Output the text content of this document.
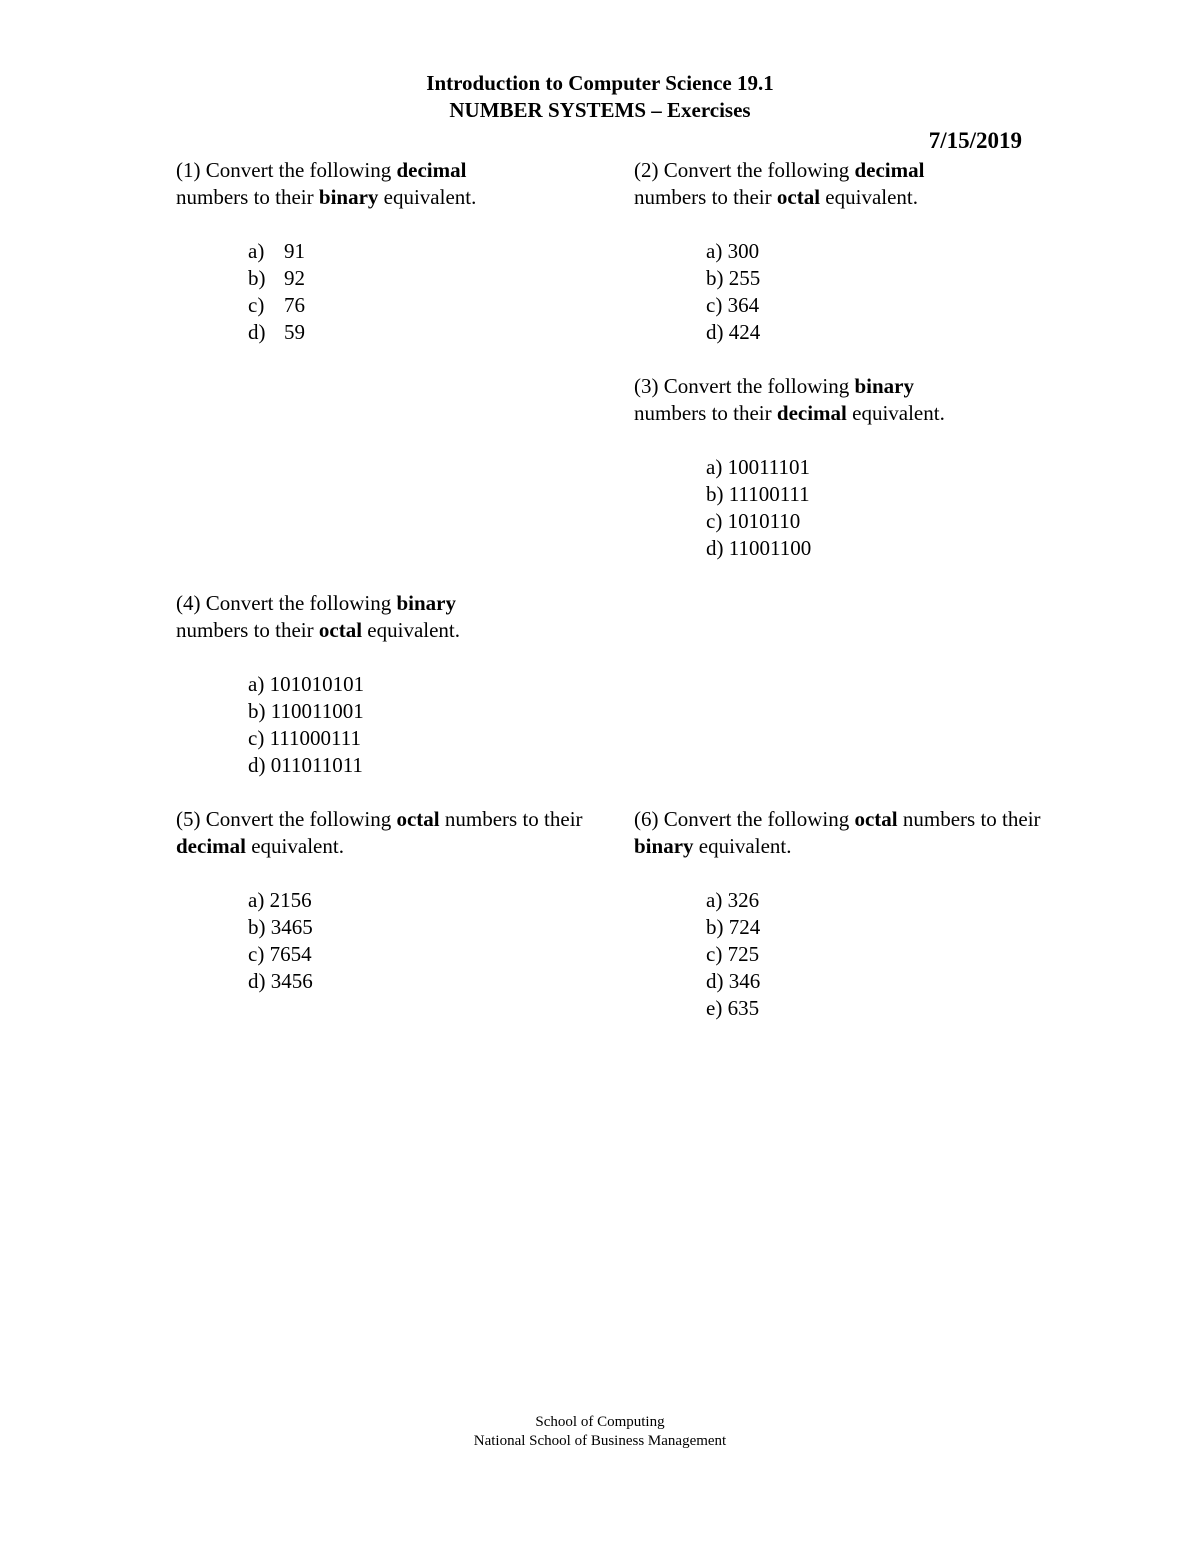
Introduction to Computer Science 19.1
NUMBER SYSTEMS – Exercises
7/15/2019
(1) Convert the following decimal
numbers to their binary equivalent.
a) 91
b) 92
c) 76
d) 59
(2) Convert the following decimal
numbers to their octal equivalent.
a) 300
b) 255
c) 364
d) 424
(3) Convert the following binary
numbers to their decimal equivalent.
a) 10011101
b) 11100111
c) 1010110
d) 11001100
(4) Convert the following binary
numbers to their octal equivalent.
a) 101010101
b) 110011001
c) 111000111
d) 011011011
(5) Convert the following octal numbers to their decimal equivalent.
a) 2156
b) 3465
c) 7654
d) 3456
(6) Convert the following octal numbers to their binary equivalent.
a) 326
b) 724
c) 725
d) 346
e) 635
School of Computing
National School of Business Management
